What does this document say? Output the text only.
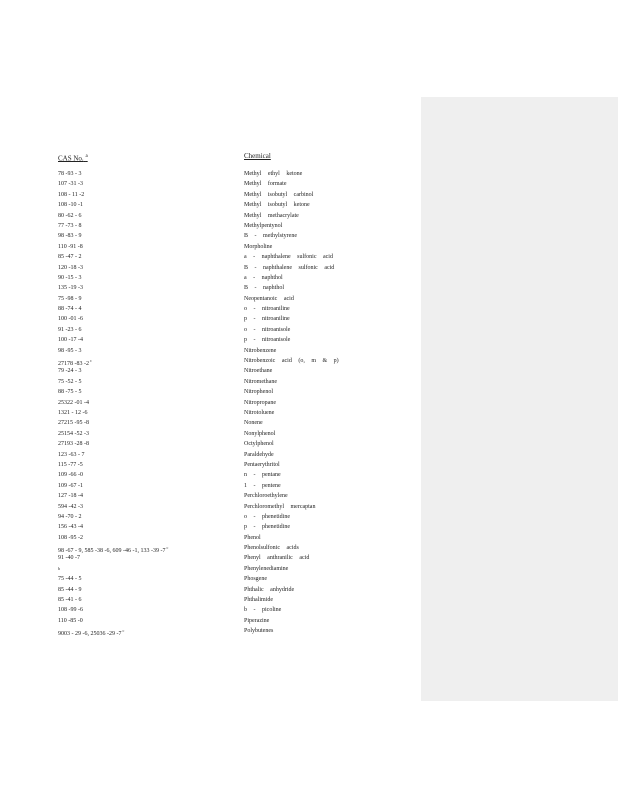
CAS No. $^a$	Chemical
78 -93 - 3	Methyl ethyl ketone
107 -31 -3	Methyl formate
108 - 11 -2	Methyl isobutyl carbinol
108 -10 -1	Methyl isobutyl ketone
80 -62 - 6	Methyl methacrylate
77 -73 - 8	Methylpentynol
98 -83 - 9	B - methylstyrene
110 -91 -8	Morpholine
85 -47 - 2	a - naphthalene sulfonic acid
120 -18 -3	B - naphthalene sulfonic acid
90 -15 - 3	a - naphthol
135 -19 -3	B - naphthol
75 -98 - 9	Neopentanoic acid
88 -74 - 4	o - nitroaniline
100 -01 -6	p - nitroaniline
91 -23 - 6	o - nitroanisole
100 -17 -4	p - nitroanisole
98 -95 - 3	Nitrobenzene
27178 -83 -2 $^c$	Nitrobenzoic acid (o, m & p)
79 -24 - 3	Nitroethane
75 -52 - 5	Nitromethane
88 -75 - 5	Nitrophenol
25322 -01 -4	Nitropropane
1321 - 12 -6	Nitrotoluene
27215 -95 -8	Nonene
25154 -52 -3	Nonylphenol
27193 -28 -8	Octylphenol
123 -63 - 7	Paraldehyde
115 -77 -5	Pentaerythritol
109 -66 -0	n - pentane
109 -67 -1	1 - pentene
127 -18 -4	Perchloroethylene
594 -42 -3	Perchloromethyl mercaptan
94 -70 - 2	o - phenetidine
156 -43 -4	p - phenetidine
108 -95 -2	Phenol
98 -67 - 9, 585 -38 -6, 609 -46 -1, 133 -39 -7 $^c$	Phenolsulfonic acids
91 -40 -7	Phenyl anthranilic acid
$^b$	Phenylenediamine
75 -44 - 5	Phosgene
85 -44 - 9	Phthalic anhydride
85 -41 - 6	Phthalimide
108 -99 -6	b - picoline
110 -85 -0	Piperazine
9003 - 29 -6, 25036 -29 -7 $^c$	Polybutenes
